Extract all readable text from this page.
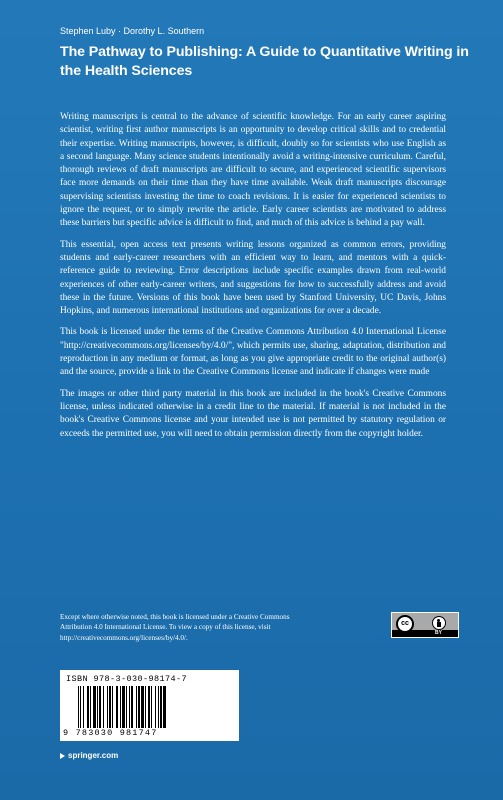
Stephen Luby · Dorothy L. Southern
The Pathway to Publishing: A Guide to Quantitative Writing in the Health Sciences

Writing manuscripts is central to the advance of scientific knowledge. For an early career aspiring scientist, writing first author manuscripts is an opportunity to develop critical skills and to credential their expertise. Writing manuscripts, however, is difficult, doubly so for scientists who use English as a second language. Many science students intentionally avoid a writing-intensive curriculum. Careful, thorough reviews of draft manuscripts are difficult to secure, and experienced scientific supervisors face more demands on their time than they have time available. Weak draft manuscripts discourage supervising scientists investing the time to coach revisions. It is easier for experienced scientists to ignore the request, or to simply rewrite the article. Early career scientists are motivated to address these barriers but specific advice is difficult to find, and much of this advice is behind a pay wall.

This essential, open access text presents writing lessons organized as common errors, providing students and early-career researchers with an efficient way to learn, and mentors with a quick-reference guide to reviewing. Error descriptions include specific examples drawn from real-world experiences of other early-career writers, and suggestions for how to successfully address and avoid these in the future. Versions of this book have been used by Stanford University, UC Davis, Johns Hopkins, and numerous international institutions and organizations for over a decade.

This book is licensed under the terms of the Creative Commons Attribution 4.0 International License "http://creativecommons.org/licenses/by/4.0/", which permits use, sharing, adaptation, distribution and reproduction in any medium or format, as long as you give appropriate credit to the original author(s) and the source, provide a link to the Creative Commons license and indicate if changes were made

The images or other third party material in this book are included in the book's Creative Commons license, unless indicated otherwise in a credit line to the material. If material is not included in the book's Creative Commons license and your intended use is not permitted by statutory regulation or exceeds the permitted use, you will need to obtain permission directly from the copyright holder.

Except where otherwise noted, this book is licensed under a Creative Commons Attribution 4.0 International License. To view a copy of this license, visit http://creativecommons.org/licenses/by/4.0/.
cc
BY
ISBN 978-3-030-98174-7
9 783030 981747
springer.com
